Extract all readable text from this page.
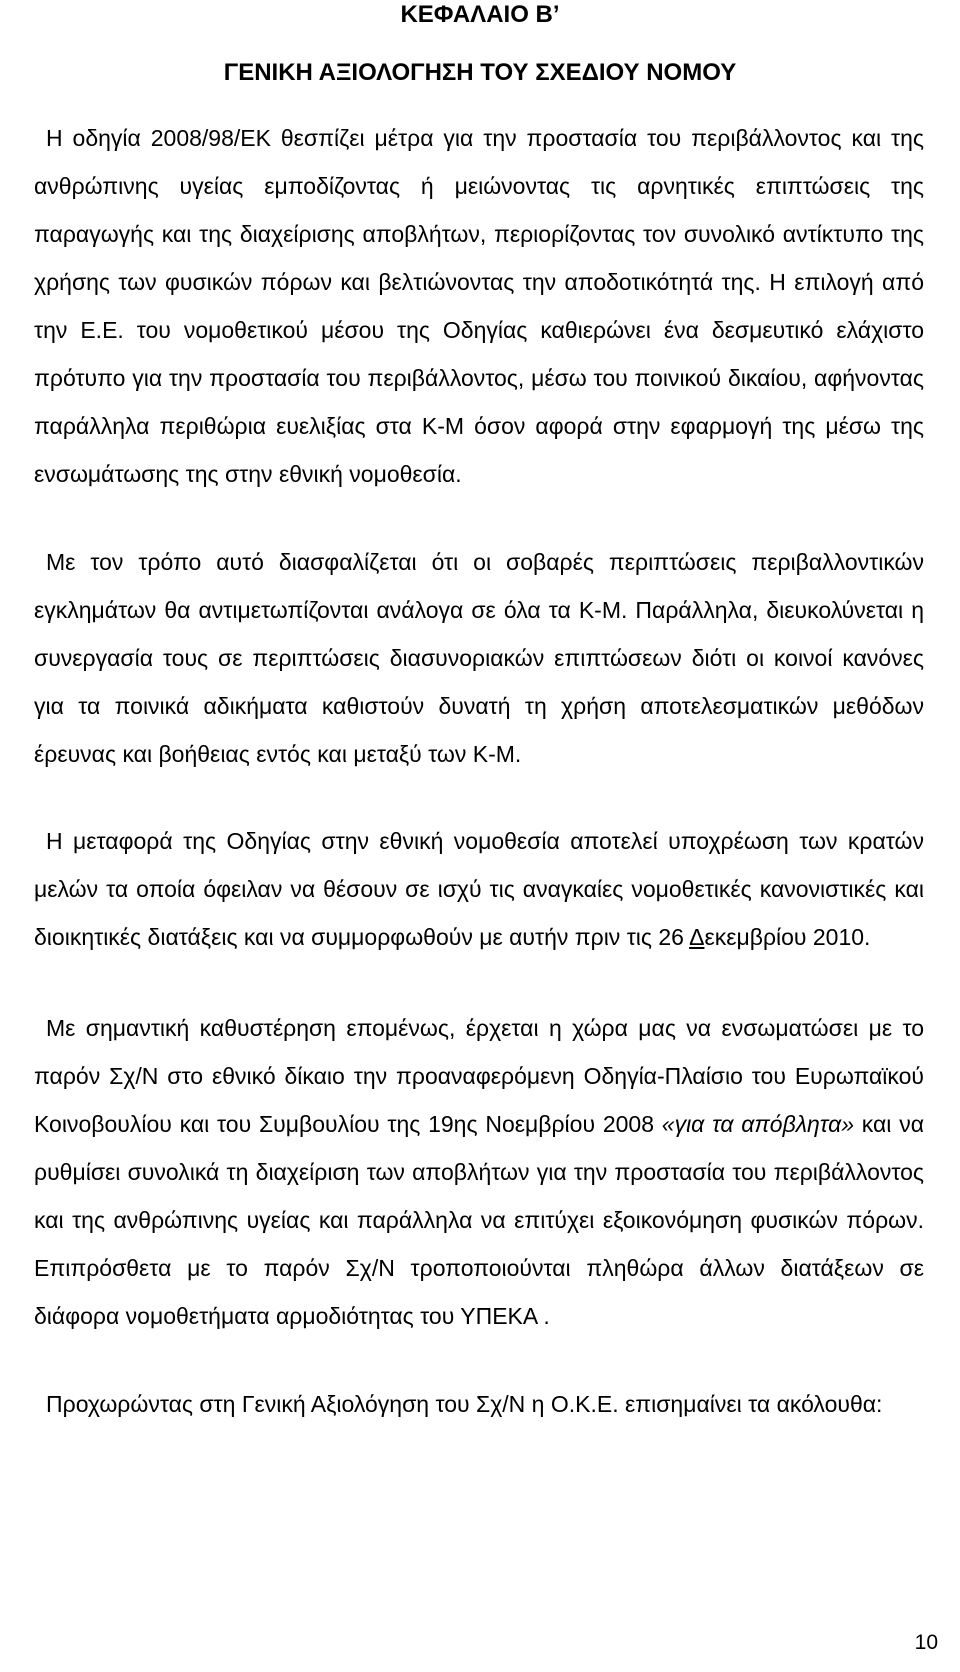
ΚΕΦΑΛΑΙΟ Β’
ΓΕΝΙΚΗ ΑΞΙΟΛΟΓΗΣΗ ΤΟΥ ΣΧΕΔΙΟΥ ΝΟΜΟΥ

Η οδηγία 2008/98/ΕΚ θεσπίζει μέτρα για την προστασία του περιβάλλοντος και της ανθρώπινης υγείας εμποδίζοντας ή μειώνοντας τις αρνητικές επιπτώσεις της παραγωγής και της διαχείρισης αποβλήτων, περιορίζοντας τον συνολικό αντίκτυπο της χρήσης των φυσικών πόρων και βελτιώνοντας την αποδοτικότητά της. Η επιλογή από την Ε.Ε. του νομοθετικού μέσου της Οδηγίας καθιερώνει ένα δεσμευτικό ελάχιστο πρότυπο για την προστασία του περιβάλλοντος, μέσω του ποινικού δικαίου, αφήνοντας παράλληλα περιθώρια ευελιξίας στα Κ-Μ όσον αφορά στην εφαρμογή της μέσω της ενσωμάτωσης της στην εθνική νομοθεσία.

Με τον τρόπο αυτό διασφαλίζεται ότι οι σοβαρές περιπτώσεις περιβαλλοντικών εγκλημάτων θα αντιμετωπίζονται ανάλογα σε όλα τα Κ-Μ. Παράλληλα, διευκολύνεται η συνεργασία τους σε περιπτώσεις διασυνοριακών επιπτώσεων διότι οι κοινοί κανόνες για τα ποινικά αδικήματα καθιστούν δυνατή τη χρήση αποτελεσματικών μεθόδων έρευνας και βοήθειας εντός και μεταξύ των Κ-Μ.

Η μεταφορά της Οδηγίας στην εθνική νομοθεσία αποτελεί υποχρέωση των κρατών μελών τα οποία όφειλαν να θέσουν σε ισχύ τις αναγκαίες νομοθετικές κανονιστικές και διοικητικές διατάξεις και να συμμορφωθούν με αυτήν πριν τις 26 Δεκεμβρίου 2010.

Με σημαντική καθυστέρηση επομένως, έρχεται η χώρα μας να ενσωματώσει με το παρόν Σχ/Ν στο εθνικό δίκαιο την προαναφερόμενη Οδηγία-Πλαίσιο του Ευρωπαϊκού Κοινοβουλίου και του Συμβουλίου της 19ης Νοεμβρίου 2008 «για τα απόβλητα» και να ρυθμίσει συνολικά τη διαχείριση των αποβλήτων για την προστασία του περιβάλλοντος και της ανθρώπινης υγείας και παράλληλα να επιτύχει εξοικονόμηση φυσικών πόρων. Επιπρόσθετα με το παρόν Σχ/Ν τροποποιούνται πληθώρα άλλων διατάξεων σε διάφορα νομοθετήματα αρμοδιότητας του ΥΠΕΚΑ .

Προχωρώντας στη Γενική Αξιολόγηση του Σχ/Ν η Ο.Κ.Ε. επισημαίνει τα ακόλουθα:

10
